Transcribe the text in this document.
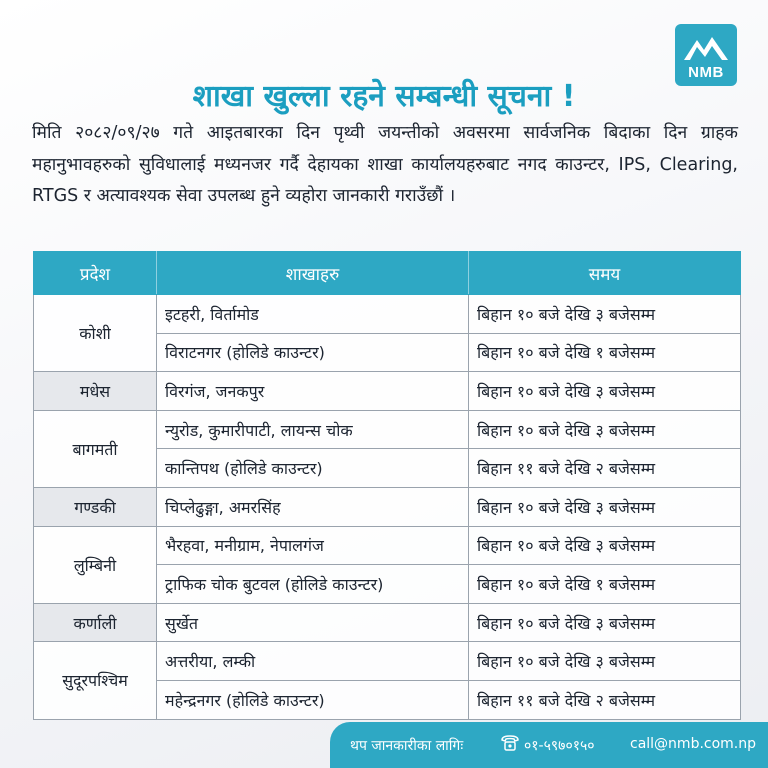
NMB
शाखा खुल्ला रहने सम्बन्धी सूचना !
मिति २०८२/०९/२७ गते आइतबारका दिन पृथ्वी जयन्तीको अवसरमा सार्वजनिक बिदाका दिन ग्राहक महानुभावहरुको सुविधालाई मध्यनजर गर्दै देहायका शाखा कार्यालयहरुबाट नगद काउन्टर, IPS, Clearing, RTGS र अत्यावश्यक सेवा उपलब्ध हुने व्यहोरा जानकारी गराउँछौं ।
प्रदेश	शाखाहरु	समय
कोशी	इटहरी, विर्तामोड	बिहान १० बजे देखि ३ बजेसम्म
	विराटनगर (होलिडे काउन्टर)	बिहान १० बजे देखि १ बजेसम्म
मधेस	विरगंज, जनकपुर	बिहान १० बजे देखि ३ बजेसम्म
बागमती	न्युरोड, कुमारीपाटी, लायन्स चोक	बिहान १० बजे देखि ३ बजेसम्म
	कान्तिपथ (होलिडे काउन्टर)	बिहान ११ बजे देखि २ बजेसम्म
गण्डकी	चिप्लेढुङ्गा, अमरसिंह	बिहान १० बजे देखि ३ बजेसम्म
लुम्बिनी	भैरहवा, मनीग्राम, नेपालगंज	बिहान १० बजे देखि ३ बजेसम्म
	ट्राफिक चोक बुटवल (होलिडे काउन्टर)	बिहान १० बजे देखि १ बजेसम्म
कर्णाली	सुर्खेत	बिहान १० बजे देखि ३ बजेसम्म
सुदूरपश्चिम	अत्तरीया, लम्की	बिहान १० बजे देखि ३ बजेसम्म
	महेन्द्रनगर (होलिडे काउन्टर)	बिहान ११ बजे देखि २ बजेसम्म
थप जानकारीका लागिः	०१-५९७०१५०	call@nmb.com.np
